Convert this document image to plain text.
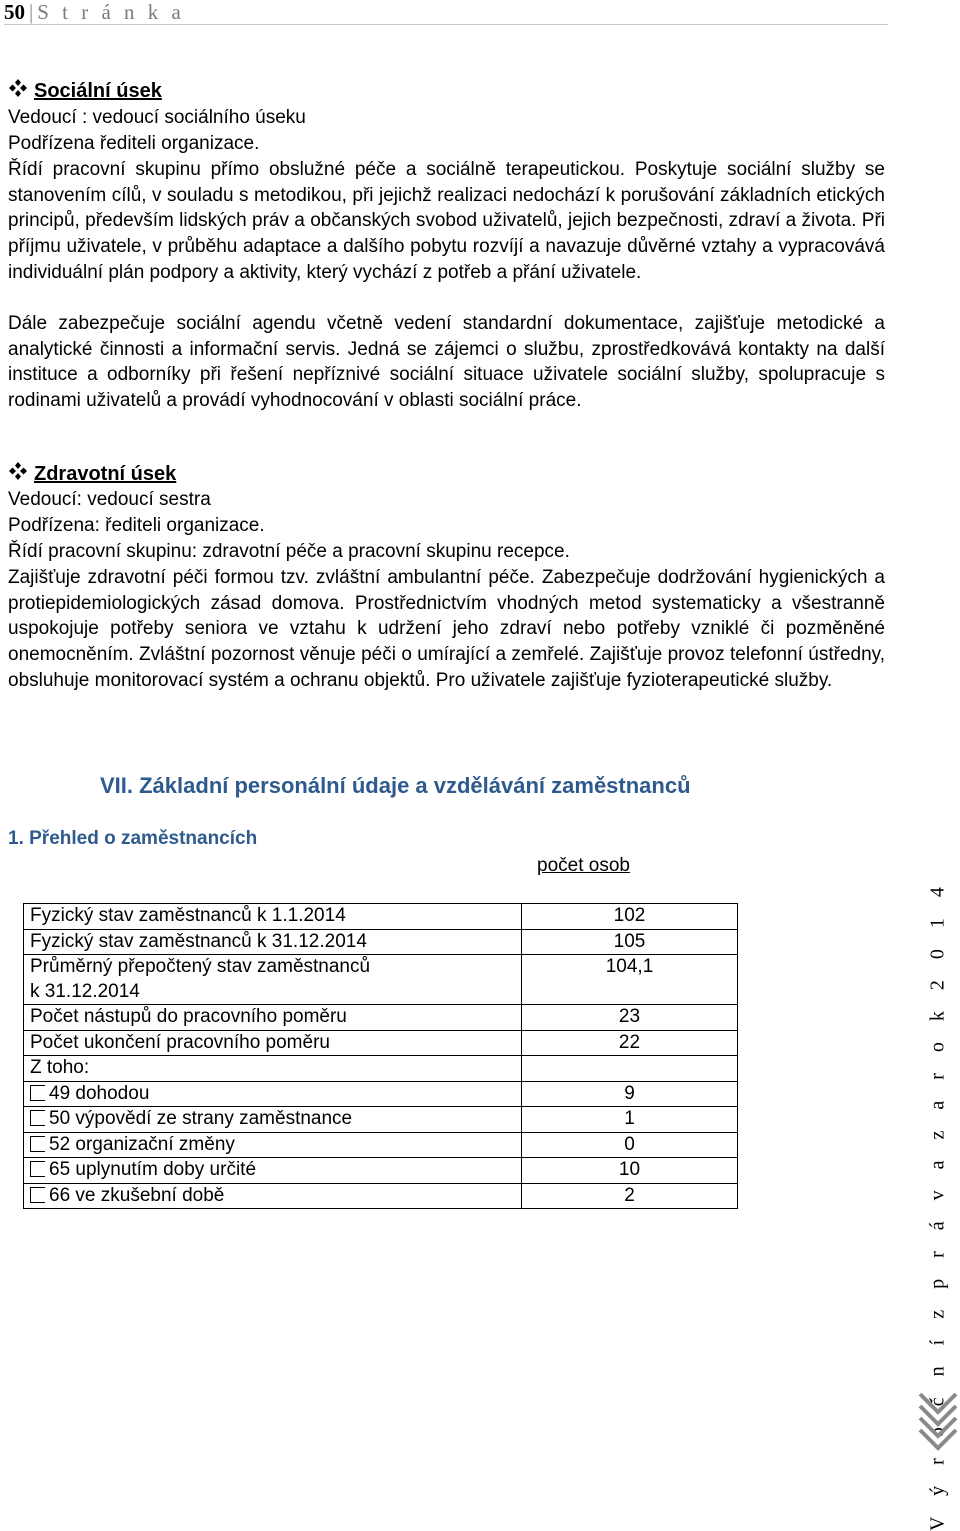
50 | S t r á n k a
Sociální úsek
Vedoucí : vedoucí sociálního úseku
Podřízena řediteli organizace.
Řídí pracovní skupinu přímo obslužné péče a sociálně terapeutickou. Poskytuje sociální služby se stanovením cílů, v souladu s metodikou, při jejichž realizaci nedochází k porušování základních etických principů, především lidských práv a občanských svobod uživatelů, jejich bezpečnosti, zdraví a života. Při příjmu uživatele, v průběhu adaptace a dalšího pobytu rozvíjí a navazuje důvěrné vztahy a vypracovává individuální plán podpory a aktivity, který vychází z potřeb a přání uživatele.
Dále zabezpečuje sociální agendu včetně vedení standardní dokumentace, zajišťuje metodické a analytické činnosti a informační servis. Jedná se zájemci o službu, zprostředkovává kontakty na další instituce a odborníky při řešení nepříznivé sociální situace uživatele sociální služby, spolupracuje s rodinami uživatelů a provádí vyhodnocování v oblasti sociální práce.
Zdravotní úsek
Vedoucí: vedoucí sestra
Podřízena: řediteli organizace.
Řídí pracovní skupinu: zdravotní péče a pracovní skupinu recepce.
Zajišťuje zdravotní péči formou tzv. zvláštní ambulantní péče. Zabezpečuje dodržování hygienických a protiepidemiologických zásad domova. Prostřednictvím vhodných metod systematicky a všestranně uspokojuje potřeby seniora ve vztahu k udržení jeho zdraví nebo potřeby vzniklé či pozměněné onemocněním. Zvláštní pozornost věnuje péči o umírající a zemřelé. Zajišťuje provoz telefonní ústředny, obsluhuje monitorovací systém a ochranu objektů. Pro uživatele zajišťuje fyzioterapeutické služby.
VII. Základní personální údaje a vzdělávání zaměstnanců
1. Přehled o zaměstnancích
počet osob
Fyzický stav zaměstnanců k 1.1.2014	102
Fyzický stav zaměstnanců k 31.12.2014	105
Průměrný přepočtený stav zaměstnanců
k 31.12.2014	104,1
Počet nástupů do pracovního poměru	23
Počet ukončení pracovního poměru	22
Z toho:	
49 dohodou	9
50 výpovědí ze strany zaměstnance	1
52 organizační změny	0
65 uplynutím doby určité	10
66 ve zkušební době	2	V ý r o č n í z p r á v a z a r o k 2 0 1 4
